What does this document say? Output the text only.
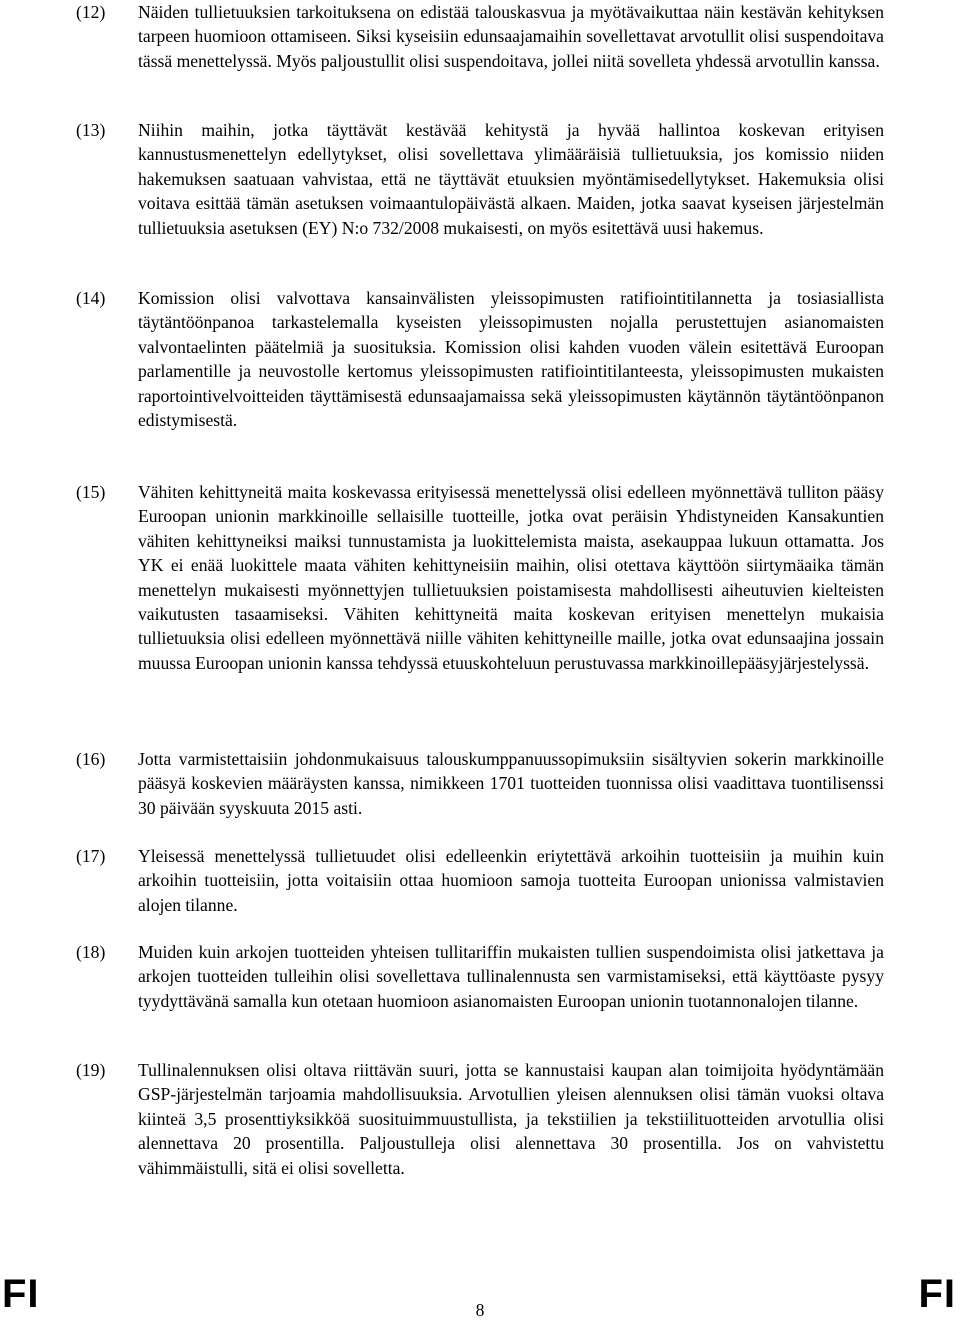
(12)	Näiden tullietuuksien tarkoituksena on edistää talouskasvua ja myötävaikuttaa näin kestävän kehityksen tarpeen huomioon ottamiseen. Siksi kyseisiin edunsaajamaihin sovellettavat arvotullit olisi suspendoitava tässä menettelyssä. Myös paljoustullit olisi suspendoitava, jollei niitä sovelleta yhdessä arvotullin kanssa.
(13)	Niihin maihin, jotka täyttävät kestävää kehitystä ja hyvää hallintoa koskevan erityisen kannustusmenettelyn edellytykset, olisi sovellettava ylimääräisiä tullietuuksia, jos komissio niiden hakemuksen saatuaan vahvistaa, että ne täyttävät etuuksien myöntämisedellytykset. Hakemuksia olisi voitava esittää tämän asetuksen voimaantulopäivästä alkaen. Maiden, jotka saavat kyseisen järjestelmän tullietuuksia asetuksen (EY) N:o 732/2008 mukaisesti, on myös esitettävä uusi hakemus.
(14)	Komission olisi valvottava kansainvälisten yleissopimusten ratifiointitilannetta ja tosiasiallista täytäntöönpanoa tarkastelemalla kyseisten yleissopimusten nojalla perustettujen asianomaisten valvontaelinten päätelmiä ja suosituksia. Komission olisi kahden vuoden välein esitettävä Euroopan parlamentille ja neuvostolle kertomus yleissopimusten ratifiointitilanteesta, yleissopimusten mukaisten raportointivelvoitteiden täyttämisestä edunsaajamaissa sekä yleissopimusten käytännön täytäntöönpanon edistymisestä.
(15)	Vähiten kehittyneitä maita koskevassa erityisessä menettelyssä olisi edelleen myönnettävä tulliton pääsy Euroopan unionin markkinoille sellaisille tuotteille, jotka ovat peräisin Yhdistyneiden Kansakuntien vähiten kehittyneiksi maiksi tunnustamista ja luokittelemista maista, asekauppaa lukuun ottamatta. Jos YK ei enää luokittele maata vähiten kehittyneisiin maihin, olisi otettava käyttöön siirtymäaika tämän menettelyn mukaisesti myönnettyjen tullietuuksien poistamisesta mahdollisesti aiheutuvien kielteisten vaikutusten tasaamiseksi. Vähiten kehittyneitä maita koskevan erityisen menettelyn mukaisia tullietuuksia olisi edelleen myönnettävä niille vähiten kehittyneille maille, jotka ovat edunsaajina jossain muussa Euroopan unionin kanssa tehdyssä etuuskohteluun perustuvassa markkinoillepääsyjärjestelyssä.
(16)	Jotta varmistettaisiin johdonmukaisuus talouskumppanuussopimuksiin sisältyvien sokerin markkinoille pääsyä koskevien määräysten kanssa, nimikkeen 1701 tuotteiden tuonnissa olisi vaadittava tuontilisenssi 30 päivään syyskuuta 2015 asti.
(17)	Yleisessä menettelyssä tullietuudet olisi edelleenkin eriytettävä arkoihin tuotteisiin ja muihin kuin arkoihin tuotteisiin, jotta voitaisiin ottaa huomioon samoja tuotteita Euroopan unionissa valmistavien alojen tilanne.
(18)	Muiden kuin arkojen tuotteiden yhteisen tullitariffin mukaisten tullien suspendoimista olisi jatkettava ja arkojen tuotteiden tulleihin olisi sovellettava tullinalennusta sen varmistamiseksi, että käyttöaste pysyy tyydyttävänä samalla kun otetaan huomioon asianomaisten Euroopan unionin tuotannonalojen tilanne.
(19)	Tullinalennuksen olisi oltava riittävän suuri, jotta se kannustaisi kaupan alan toimijoita hyödyntämään GSP-järjestelmän tarjoamia mahdollisuuksia. Arvotullien yleisen alennuksen olisi tämän vuoksi oltava kiinteä 3,5 prosenttiyksikköä suosituimmuustullista, ja tekstiilien ja tekstiilituotteiden arvotullia olisi alennettava 20 prosentilla. Paljoustulleja olisi alennettava 30 prosentilla. Jos on vahvistettu vähimmäistulli, sitä ei olisi sovelletta.
FI	8	FI
